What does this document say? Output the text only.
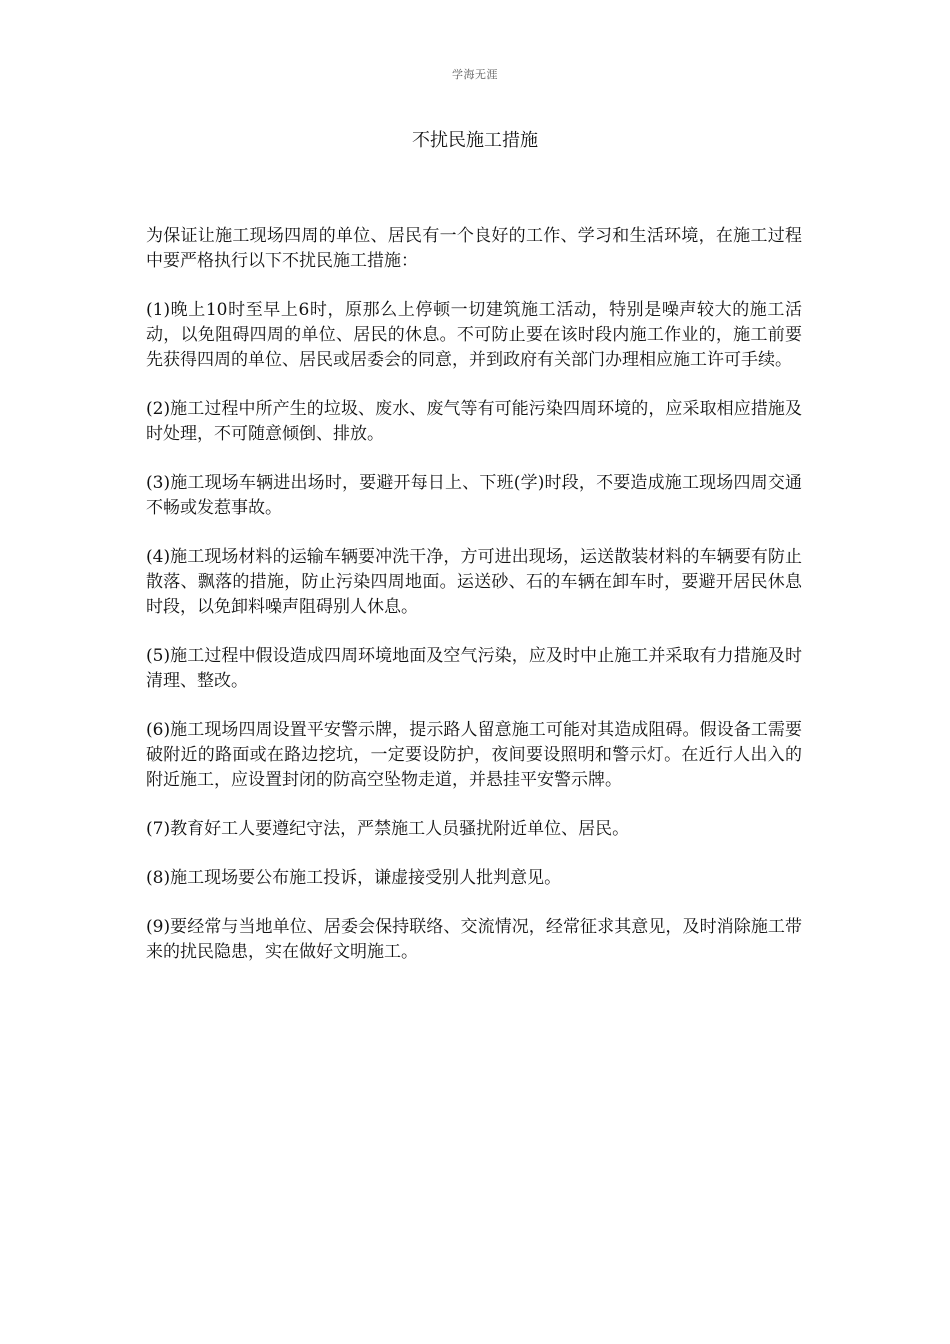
学海无涯
不扰民施工措施

为保证让施工现场四周的单位、居民有一个良好的工作、学习和生活环境，在施工过程中要严格执行以下不扰民施工措施：

(1)晚上10时至早上6时，原那么上停顿一切建筑施工活动，特别是噪声较大的施工活动，以免阻碍四周的单位、居民的休息。不可防止要在该时段内施工作业的，施工前要先获得四周的单位、居民或居委会的同意，并到政府有关部门办理相应施工许可手续。

(2)施工过程中所产生的垃圾、废水、废气等有可能污染四周环境的，应采取相应措施及时处理，不可随意倾倒、排放。

(3)施工现场车辆进出场时，要避开每日上、下班(学)时段，不要造成施工现场四周交通不畅或发惹事故。

(4)施工现场材料的运输车辆要冲洗干净，方可进出现场，运送散装材料的车辆要有防止散落、飘落的措施，防止污染四周地面。运送砂、石的车辆在卸车时，要避开居民休息时段，以免卸料噪声阻碍别人休息。

(5)施工过程中假设造成四周环境地面及空气污染，应及时中止施工并采取有力措施及时清理、整改。

(6)施工现场四周设置平安警示牌，提示路人留意施工可能对其造成阻碍。假设备工需要破附近的路面或在路边挖坑，一定要设防护，夜间要设照明和警示灯。在近行人出入的附近施工，应设置封闭的防高空坠物走道，并悬挂平安警示牌。

(7)教育好工人要遵纪守法，严禁施工人员骚扰附近单位、居民。

(8)施工现场要公布施工投诉，谦虚接受别人批判意见。

(9)要经常与当地单位、居委会保持联络、交流情况，经常征求其意见，及时消除施工带来的扰民隐患，实在做好文明施工。
